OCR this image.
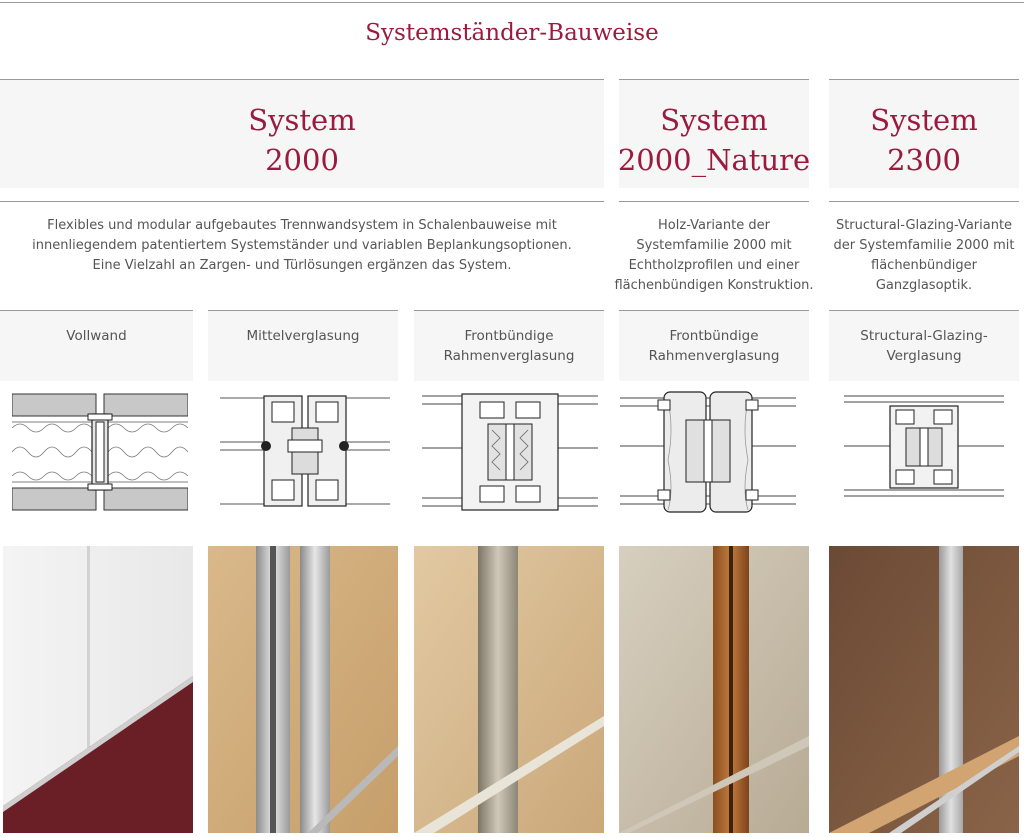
Systemständer-Bauweise
System
2000
System
2000_Nature
System
2300
Flexibles und modular aufgebautes Trennwandsystem in Schalenbauweise mit
innenliegendem patentiertem Systemständer und variablen Beplankungsoptionen.
Eine Vielzahl an Zargen- und Türlösungen ergänzen das System.
Holz-Variante der
Systemfamilie 2000 mit
Echtholzprofilen und einer
flächenbündigen Konstruktion.
Structural-Glazing-Variante
der Systemfamilie 2000 mit
flächenbündiger Ganzglasoptik.
Vollwand	Mittelverglasung	Frontbündige
Rahmenverglasung
Frontbündige
Rahmenverglasung
Structural-Glazing-
Verglasung
